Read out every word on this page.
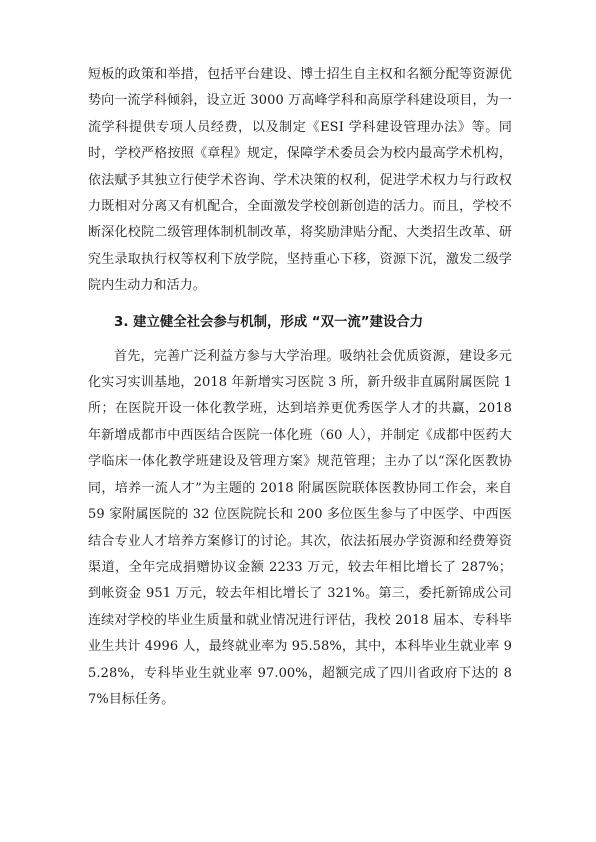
短板的政策和举措，包括平台建设、博士招生自主权和名额分配等资源优势向一流学科倾斜，设立近 3000 万高峰学科和高原学科建设项目，为一流学科提供专项人员经费，以及制定《ESI 学科建设管理办法》等。同时，学校严格按照《章程》规定，保障学术委员会为校内最高学术机构，依法赋予其独立行使学术咨询、学术决策的权利，促进学术权力与行政权力既相对分离又有机配合，全面激发学校创新创造的活力。而且，学校不断深化校院二级管理体制机制改革，将奖励津贴分配、大类招生改革、研究生录取执行权等权利下放学院，坚持重心下移，资源下沉，激发二级学院内生动力和活力。

3. 建立健全社会参与机制，形成 “双一流”建设合力

首先，完善广泛利益方参与大学治理。吸纳社会优质资源，建设多元化实习实训基地，2018 年新增实习医院 3 所，新升级非直属附属医院 1 所；在医院开设一体化教学班，达到培养更优秀医学人才的共赢，2018 年新增成都市中西医结合医院一体化班（60 人），并制定《成都中医药大学临床一体化教学班建设及管理方案》规范管理；主办了以“深化医教协同，培养一流人才”为主题的 2018 附属医院联体医教协同工作会，来自 59 家附属医院的 32 位医院院长和 200 多位医生参与了中医学、中西医结合专业人才培养方案修订的讨论。其次，依法拓展办学资源和经费筹资渠道，全年完成捐赠协议金额 2233 万元，较去年相比增长了 287%；到帐资金 951 万元，较去年相比增长了 321%。第三，委托新锦成公司连续对学校的毕业生质量和就业情况进行评估，我校 2018 届本、专科毕业生共计 4996 人，最终就业率为 95.58%，其中，本科毕业生就业率 95.28%，专科毕业生就业率 97.00%，超额完成了四川省政府下达的 87%目标任务。
